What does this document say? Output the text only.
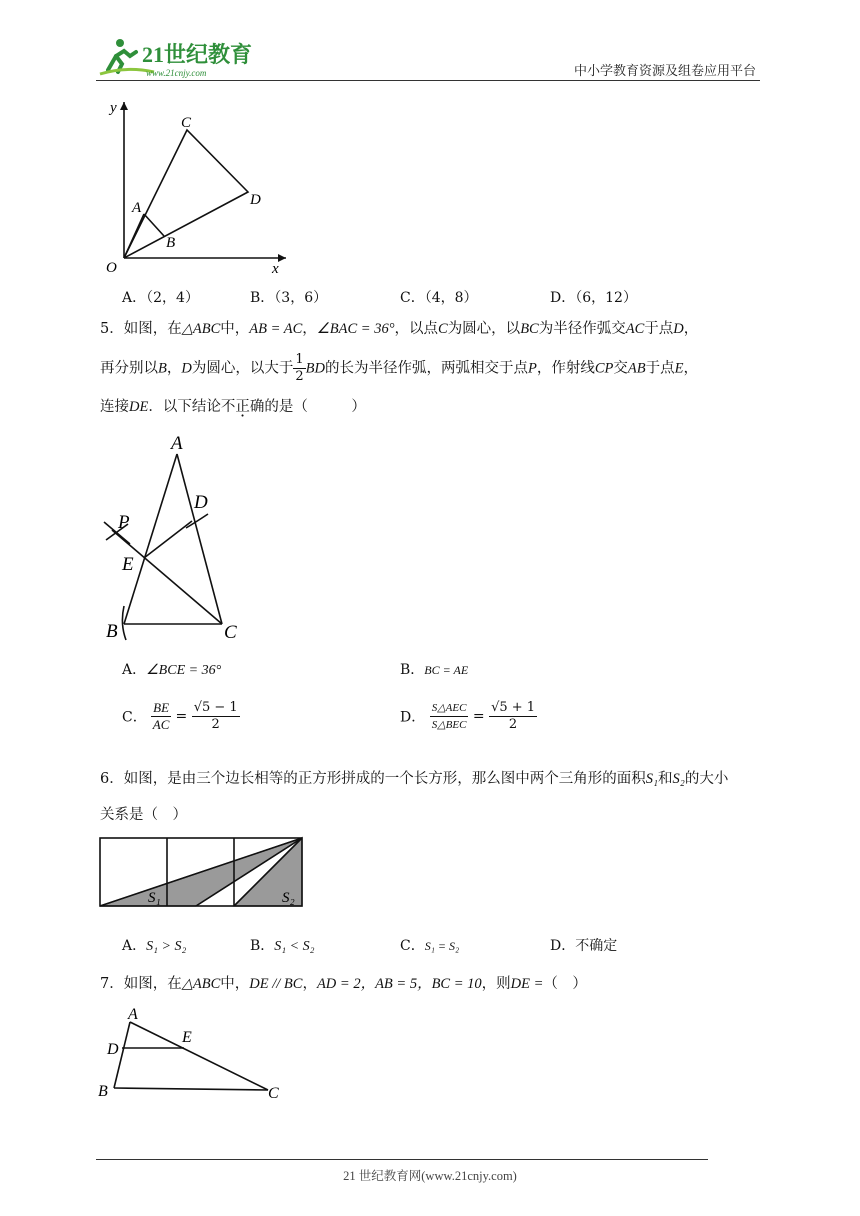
21世纪教育
www.21cnjy.com	中小学教育资源及组卷应用平台
y
x
O
A
B
C
D
A．（2，4）	B．（3，6）	C．（4，8）	D．（6，12）
5．如图，在△ABC中，AB = AC，∠BAC = 36°，以点C为圆心，以BC为半径作弧交AC于点D，
再分别以B，D为圆心，以大于 $\frac{1}{2}$ BD的长为半径作弧，两弧相交于点P，作射线CP交AB于点E，
连接DE．以下结论不正确的是（　　　）
A
B	C
D
E
P
A．∠BCE = 36°	B．BC = AE
C． $\frac{BE}{AC} = \frac{√5 - 1}{2}$	D． $\frac{\text{S△AEC}}{\text{S△BEC}} = \frac{√5 + 1}{2}$
6．如图，是由三个边长相等的正方形拼成的一个长方形，那么图中两个三角形的面积S₁和S₂的大小
关系是（　）
S₁	S₂
A．S₁ > S₂	B．S₁ < S₂	C．S₁ = S₂	D．不确定
7．如图，在△ABC中，DE // BC，AD = 2，AB = 5，BC = 10，则DE =（　）
A
B	C
D
E
21 世纪教育网(www.21cnjy.com)
